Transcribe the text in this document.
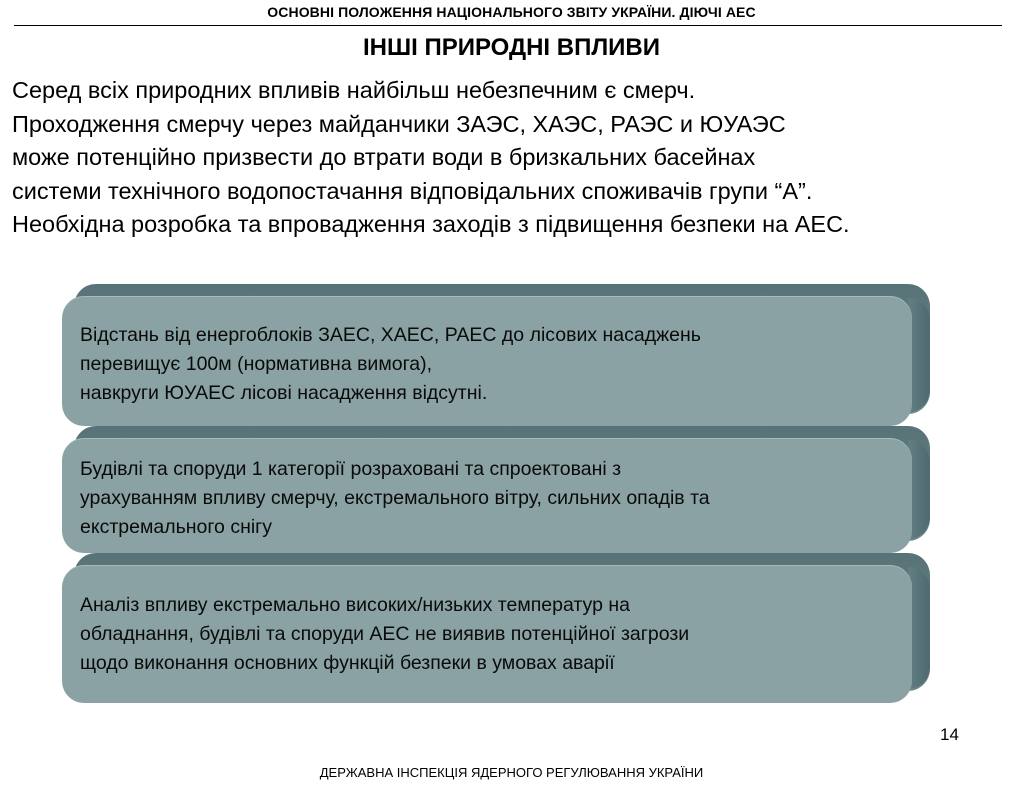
ОСНОВНІ ПОЛОЖЕННЯ НАЦІОНАЛЬНОГО ЗВІТУ УКРАЇНИ. ДІЮЧІ АЕС
ІНШІ ПРИРОДНІ ВПЛИВИ
Серед всіх природних впливів найбільш небезпечним є смерч.
Проходження смерчу через майданчики ЗАЭС, ХАЭС, РАЭС и ЮУАЭС
може потенційно призвести до втрати води в бризкальних басейнах
системи технічного водопостачання відповідальних споживачів групи “А”.
Необхідна розробка та впровадження заходів з підвищення безпеки на АЕС.
Відстань від енергоблоків ЗАЕС, ХАЕС, РАЕС до лісових насаджень
перевищує 100м (нормативна вимога),
навкруги ЮУАЕС лісові насадження відсутні.
Будівлі та споруди 1 категорії розраховані та спроектовані з
урахуванням впливу смерчу, екстремального вітру, сильних опадів та
екстремального снігу
Аналіз впливу екстремально високих/низьких температур на
обладнання, будівлі та споруди АЕС не виявив потенційної загрози
щодо виконання основних функцій безпеки в умовах аварії
14
ДЕРЖАВНА ІНСПЕКЦІЯ ЯДЕРНОГО РЕГУЛЮВАННЯ УКРАЇНИ
